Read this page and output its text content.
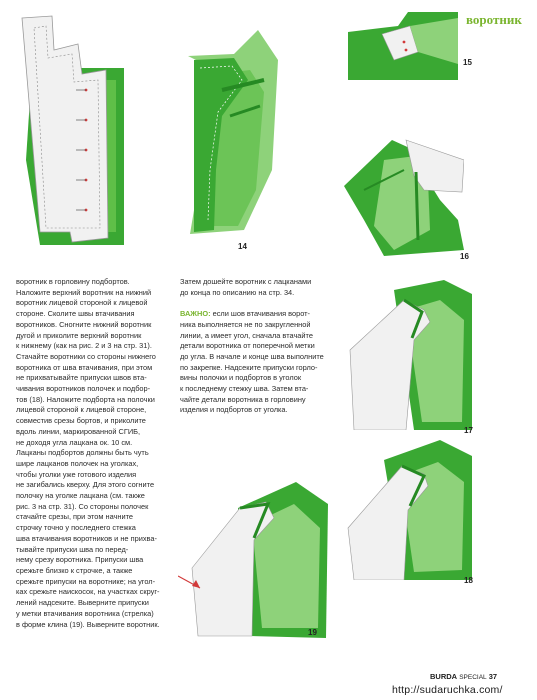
воротник
14
15
16
17
18
19

воротник в горловину подбортов.

Наложите верхний воротник на нижний

воротник лицевой стороной к лицевой

стороне. Сколите швы втачивания

воротников. Сногните нижний воротник

дугой и приколите верхний воротник

к нижнему (как на рис. 2 и 3 на стр. 31).

Стачайте воротники со стороны нижнего

воротника от шва втачивания, при этом

не прихватывайте припуски швов вта-

чивания воротников полочек и подбор-

тов (18). Наложите подборта на полочки

лицевой стороной к лицевой стороне,

совместив срезы бортов, и приколите

вдоль линии, маркированной СГИБ,

не доходя угла лацкана ок. 10 см.

Лацканы подбортов должны быть чуть

шире лацканов полочек на уголках,

чтобы уголки уже готового изделия

не загибались кверху. Для этого согните

полочку на уголке лацкана (см. также

рис. 3 на стр. 31). Со стороны полочек

стачайте срезы, при этом начните

строчку точно у последнего стежка

шва втачивания воротников и не прихва-

тывайте припуски шва по перед-

нему срезу воротника. Припуски шва

срежьте близко к строчке, а также

срежьте припуски на воротнике; на угол-

ках срежьте наискосок, на участках скруг-

лений надсеките. Выверните припуски

у метки втачивания воротника (стрелка)

в форме клина (19). Выверните воротник.

Затем дошейте воротник с лацканами

до конца по описанию на стр. 34.

ВАЖНО: если шов втачивания ворот-

ника выполняется не по закругленной

линии, а имеет угол, сначала втачайте

детали воротника от поперечной метки

до угла. В начале и конце шва выполните

по закрепке. Надсеките припуски горло-

вины полочки и подбортов в уголок

к последнему стежку шва. Затем вта-

чайте детали воротника в горловину

изделия и подбортов от уголка.

BURDA SPECIAL 37
http://sudaruchka.com/
